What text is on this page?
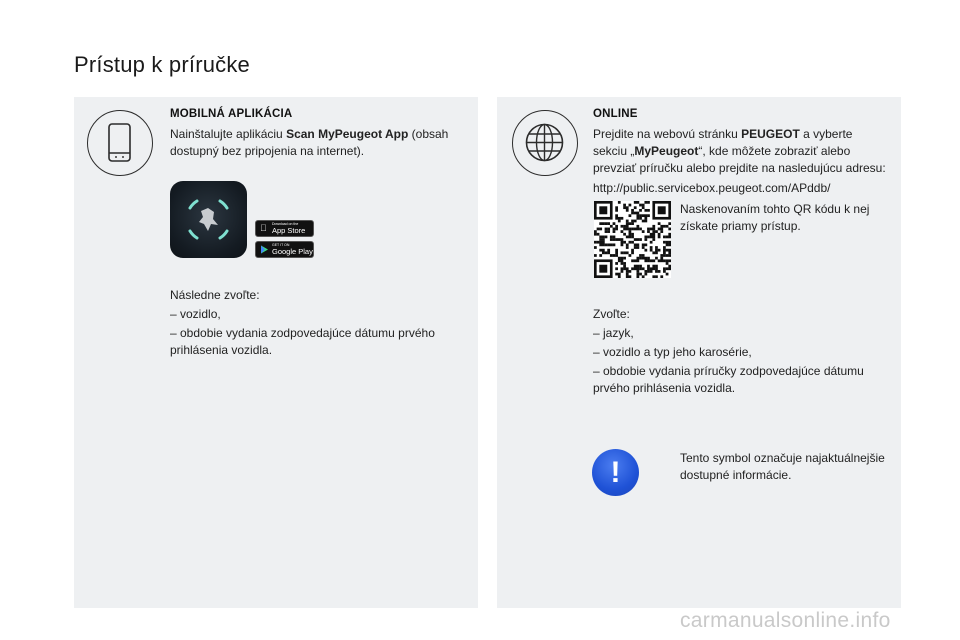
Prístup k príručke
MOBILNÁ APLIKÁCIA
Nainštalujte aplikáciu Scan MyPeugeot App (obsah
dostupný bez pripojenia na internet).
Download on the
App Store
GET IT ON
Google Play
Následne zvoľte:
– vozidlo,
– obdobie vydania zodpovedajúce dátumu prvého
prihlásenia vozidla.
ONLINE
Prejdite na webovú stránku PEUGEOT a vyberte
sekciu „MyPeugeot“, kde môžete zobraziť alebo
prevziať príručku alebo prejdite na nasledujúcu adresu:
http://public.servicebox.peugeot.com/APddb/
Naskenovaním tohto QR kódu k nej
získate priamy prístup.
Zvoľte:
– jazyk,
– vozidlo a typ jeho karosérie,
– obdobie vydania príručky zodpovedajúce dátumu
prvého prihlásenia vozidla.
!	Tento symbol označuje najaktuálnejšie
dostupné informácie.
carmanualsonline.info
